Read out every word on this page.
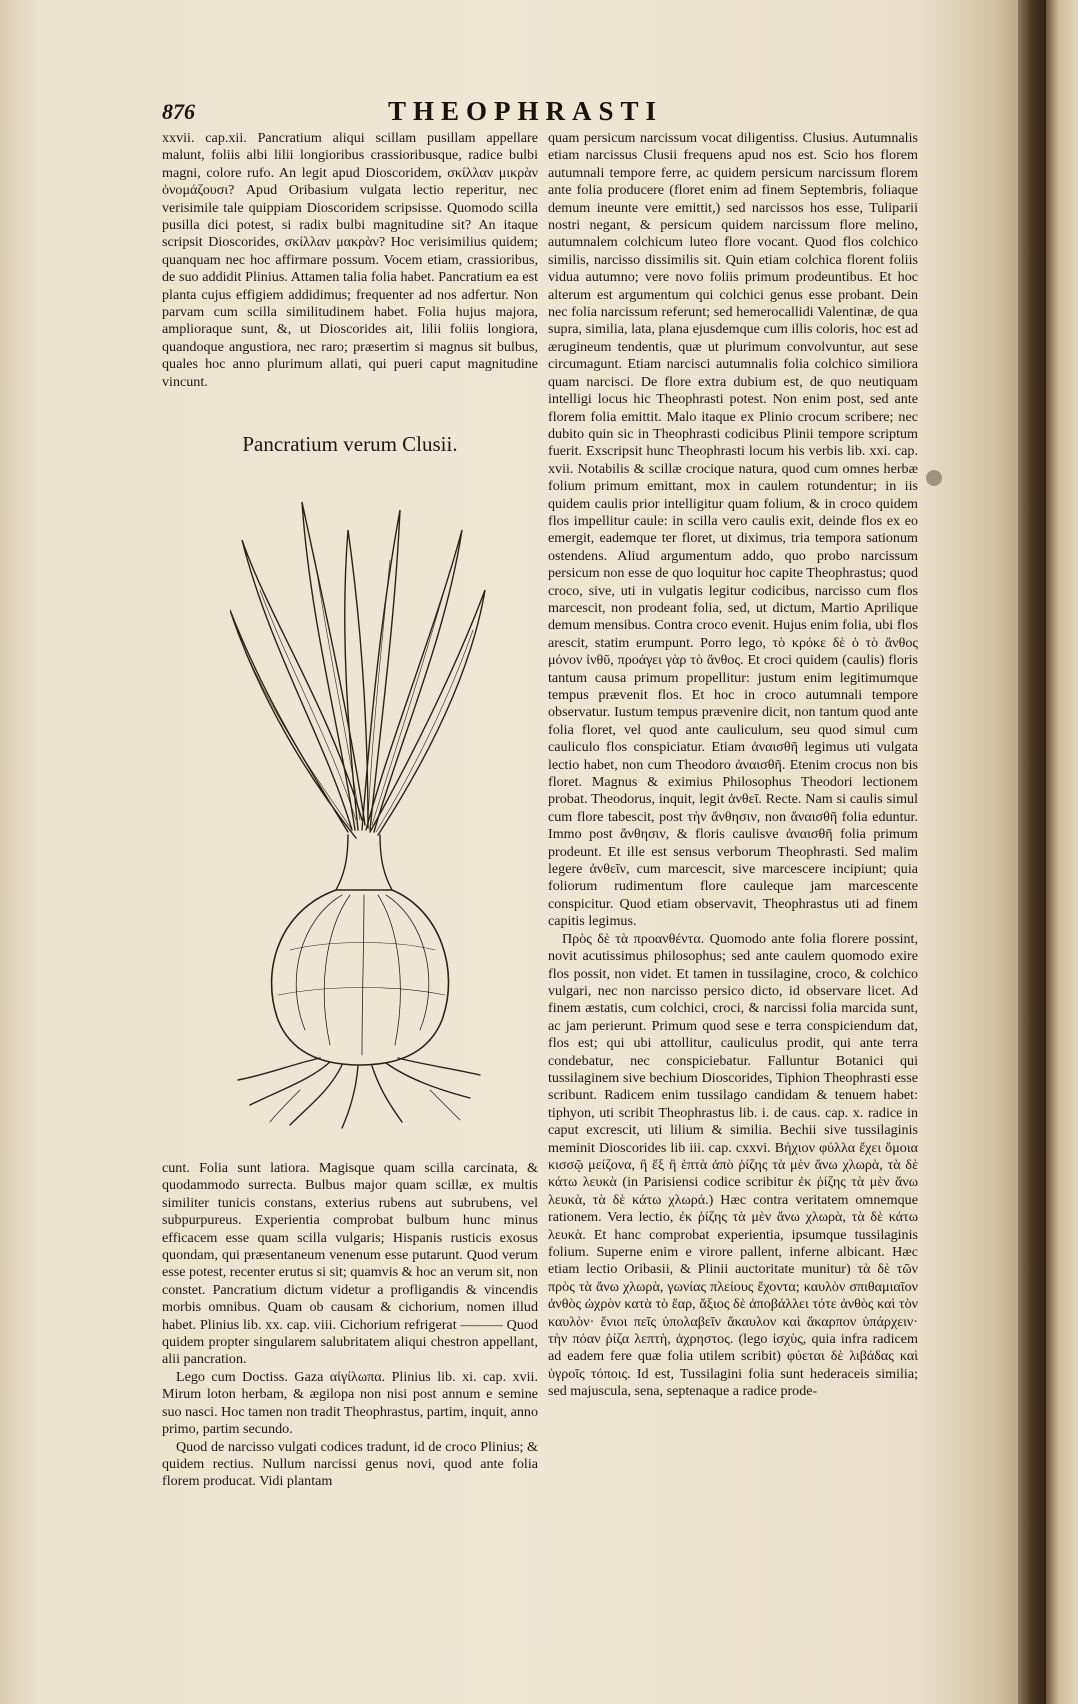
876	THEOPHRASTI

xxvii. cap.xii. Pancratium aliqui scillam pusillam appellare malunt, foliis albi lilii longioribus crassioribusque, radice bulbi magni, colore rufo. An legit apud Dioscoridem, σκίλλαν μικρὰν ὀνομάζουσι? Apud Oribasium vulgata lectio reperitur, nec verisimile tale quippiam Dioscoridem scripsisse. Quomodo scilla pusilla dici potest, si radix bulbi magnitudine sit? An itaque scripsit Dioscorides, σκίλλαν μακρὰν? Hoc verisimilius quidem; quanquam nec hoc affirmare possum. Vocem etiam, crassioribus, de suo addidit Plinius. Attamen talia folia habet. Pancratium ea est planta cujus effigiem addidimus; frequenter ad nos adfertur. Non parvam cum scilla similitudinem habet. Folia hujus majora, amplioraque sunt, &, ut Dioscorides ait, lilii foliis longiora, quandoque angustiora, nec raro; præsertim si magnus sit bulbus, quales hoc anno plurimum allati, qui pueri caput magnitudine vincunt.

Pancratium verum Clusii.

cunt. Folia sunt latiora. Magisque quam scilla carcinata, & quodammodo surrecta. Bulbus major quam scillæ, ex multis similiter tunicis constans, exterius rubens aut subrubens, vel subpurpureus. Experientia comprobat bulbum hunc minus efficacem esse quam scilla vulgaris; Hispanis rusticis exosus quondam, qui præsentaneum venenum esse putarunt. Quod verum esse potest, recenter erutus si sit; quamvis & hoc an verum sit, non constet. Pancratium dictum videtur a profligandis & vincendis morbis omnibus. Quam ob causam & cichorium, nomen illud habet. Plinius lib. xx. cap. viii. Cichorium refrigerat ——— Quod quidem propter singularem salubritatem aliqui chestron appellant, alii pancration.

Lego cum Doctiss. Gaza αἰγίλωπα. Plinius lib. xi. cap. xvii. Mirum loton herbam, & ægilopa non nisi post annum e semine suo nasci. Hoc tamen non tradit Theophrastus, partim, inquit, anno primo, partim secundo.

Quod de narcisso vulgati codices tradunt, id de croco Plinius; & quidem rectius. Nullum narcissi genus novi, quod ante folia florem producat. Vidi plantam

quam persicum narcissum vocat diligentiss. Clusius. Autumnalis etiam narcissus Clusii frequens apud nos est. Scio hos florem autumnali tempore ferre, ac quidem persicum narcissum florem ante folia producere (floret enim ad finem Septembris, foliaque demum ineunte vere emittit,) sed narcissos hos esse, Tuliparii nostri negant, & persicum quidem narcissum flore melino, autumnalem colchicum luteo flore vocant. Quod flos colchico similis, narcisso dissimilis sit. Quin etiam colchica florent foliis vidua autumno; vere novo foliis primum prodeuntibus. Et hoc alterum est argumentum qui colchici genus esse probant. Dein nec folia narcissum referunt; sed hemerocallidi Valentinæ, de qua supra, similia, lata, plana ejusdemque cum illis coloris, hoc est ad ærugineum tendentis, quæ ut plurimum convolvuntur, aut sese circumagunt. Etiam narcisci autumnalis folia colchico similiora quam narcisci. De flore extra dubium est, de quo neutiquam intelligi locus hic Theophrasti potest. Non enim post, sed ante florem folia emittit. Malo itaque ex Plinio crocum scribere; nec dubito quin sic in Theophrasti codicibus Plinii tempore scriptum fuerit. Exscripsit hunc Theophrasti locum his verbis lib. xxi. cap. xvii. Notabilis & scillæ crocique natura, quod cum omnes herbæ folium primum emittant, mox in caulem rotundentur; in iis quidem caulis prior intelligitur quam folium, & in croco quidem flos impellitur caule: in scilla vero caulis exit, deinde flos ex eo emergit, eademque ter floret, ut diximus, tria tempora sationum ostendens. Aliud argumentum addo, quo probo narcissum persicum non esse de quo loquitur hoc capite Theophrastus; quod croco, sive, uti in vulgatis legitur codicibus, narcisso cum flos marcescit, non prodeant folia, sed, ut dictum, Martio Aprilique demum mensibus. Contra croco evenit. Hujus enim folia, ubi flos arescit, statim erumpunt. Porro lego, τὸ κρόκε δὲ ὁ τὸ ἄνθος μόνον ἰνθῦ, προάγει γὰρ τὸ ἄνθος. Et croci quidem (caulis) floris tantum causa primum propellitur: justum enim legitimumque tempus prævenit flos. Et hoc in croco autumnali tempore observatur. Iustum tempus prævenire dicit, non tantum quod ante folia floret, vel quod ante cauliculum, seu quod simul cum cauliculo flos conspiciatur. Etiam ἀναισθῆ legimus uti vulgata lectio habet, non cum Theodoro ἀναισθῆ. Etenim crocus non bis floret. Magnus & eximius Philosophus Theodori lectionem probat. Theodorus, inquit, legit ἀνθεῖ. Recte. Nam si caulis simul cum flore tabescit, post τὴν ἄνθησιν, non ἄναισθῆ folia eduntur. Immo post ἄνθησιν, & floris caulisve ἀναισθῆ folia primum prodeunt. Et ille est sensus verborum Theophrasti. Sed malim legere ἀνθεῖν, cum marcescit, sive marcescere incipiunt; quia foliorum rudimentum flore cauleque jam marcescente conspicitur. Quod etiam observavit, Theophrastus uti ad finem capitis legimus.

Πρὸς δὲ τὰ προανθέντα. Quomodo ante folia florere possint, novit acutissimus philosophus; sed ante caulem quomodo exire flos possit, non videt. Et tamen in tussilagine, croco, & colchico vulgari, nec non narcisso persico dicto, id observare licet. Ad finem æstatis, cum colchici, croci, & narcissi folia marcida sunt, ac jam perierunt. Primum quod sese e terra conspiciendum dat, flos est; qui ubi attollitur, cauliculus prodit, qui ante terra condebatur, nec conspiciebatur. Falluntur Botanici qui tussilaginem sive bechium Dioscorides, Tiphion Theophrasti esse scribunt. Radicem enim tussilago candidam & tenuem habet: tiphyon, uti scribit Theophrastus lib. i. de caus. cap. x. radice in caput excrescit, uti lilium & similia. Bechii sive tussilaginis meminit Dioscorides lib iii. cap. cxxvi. Βήχιον φύλλα ἔχει ὅμοια κισσῷ μείζονα, ἢ ἕξ ἢ ἑπτὰ ἀπὸ ῥίζης τὰ μὲν ἄνω χλωρὰ, τὰ δὲ κάτω λευκὰ (in Parisiensi codice scribitur ἐκ ῥίζης τὰ μὲν ἄνω λευκὰ, τὰ δὲ κάτω χλωρά.) Hæc contra veritatem omnemque rationem. Vera lectio, ἐκ ῥίζης τὰ μὲν ἄνω χλωρὰ, τὰ δὲ κάτω λευκὰ. Et hanc comprobat experientia, ipsumque tussilaginis folium. Superne enim e virore pallent, inferne albicant. Hæc etiam lectio Oribasii, & Plinii auctoritate munitur) τὰ δὲ τῶν πρὸς τὰ ἄνω χλωρὰ, γωνίας πλείους ἔχοντα; καυλὸν σπιθαμιαῖον ἀνθὸς ὠχρὸν κατὰ τὸ ἔαρ, ἄξιος δὲ ἀποβάλλει τότε ἀνθὸς καὶ τὸν καυλὸν· ἔνιοι πεῖς ὑπολαβεῖν ἄκαυλον καὶ ἄκαρπον ὑπάρχειν· τὴν πόαν ῥίζα λεπτὴ, ἀχρηστος. (lego ἰσχὺς, quia infra radicem ad eadem fere quæ folia utilem scribit) φύεται δὲ λιβάδας καὶ ὑγροῖς τόποις. Id est, Tussilagini folia sunt hederaceis similia; sed majuscula, sena, septenaque a radice prode-
